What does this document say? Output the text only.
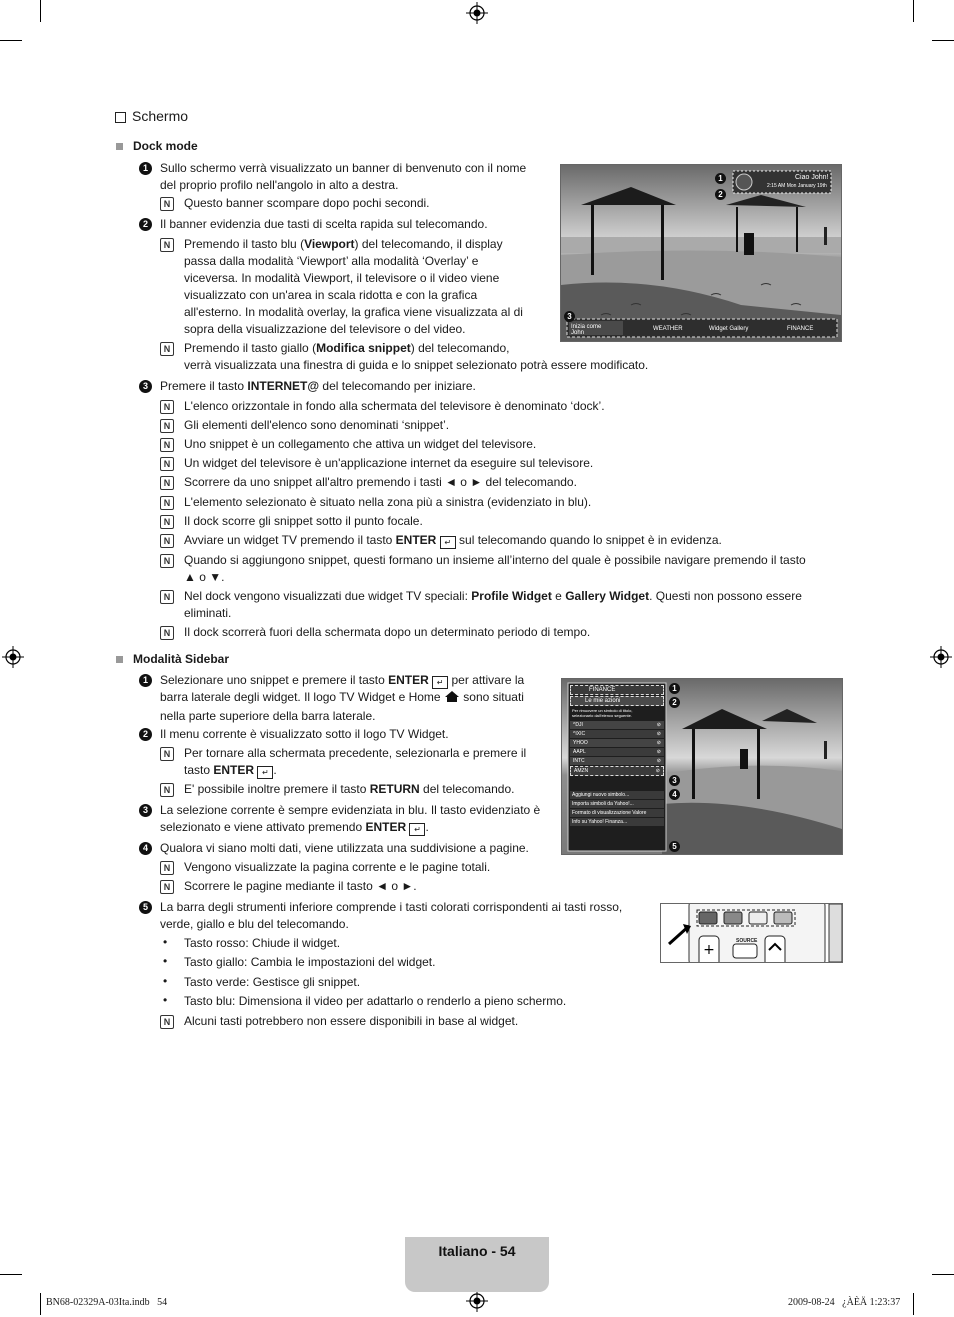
Schermo
Dock mode
1	Sullo schermo verrà visualizzato un banner di benvenuto con il nome
del proprio profilo nell'angolo in alto a destra.
N	Questo banner scompare dopo pochi secondi.
2	Il banner evidenzia due tasti di scelta rapida sul telecomando.
N	Premendo il tasto blu (Viewport) del telecomando, il display
passa dalla modalità ‘Viewport’ alla modalità ‘Overlay’ e
viceversa. In modalità Viewport, il televisore o il video viene
visualizzato con un'area in scala ridotta e con la grafica
all'esterno. In modalità overlay, la grafica viene visualizzata al di
sopra della visualizzazione del televisore o del video.
N	Premendo il tasto giallo (Modifica snippet) del telecomando,
verrà visualizzata una finestra di guida e lo snippet selezionato potrà essere modificato.
3	Premere il tasto INTERNET@ del telecomando per iniziare.
N	L'elenco orizzontale in fondo alla schermata del televisore è denominato ‘dock’.
N	Gli elementi dell'elenco sono denominati ‘snippet’.
N	Uno snippet è un collegamento che attiva un widget del televisore.
N	Un widget del televisore è un'applicazione internet da eseguire sul televisore.
N	Scorrere da uno snippet all'altro premendo i tasti ◄ o ► del telecomando.
N	L'elemento selezionato è situato nella zona più a sinistra (evidenziato in blu).
N	Il dock scorre gli snippet sotto il punto focale.
N	Avviare un widget TV premendo il tasto ENTER ↵ sul telecomando quando lo snippet è in evidenza.
N	Quando si aggiungono snippet, questi formano un insieme all’interno del quale è possibile navigare premendo il tasto
▲ o ▼.
N	Nel dock vengono visualizzati due widget TV speciali: Profile Widget e Gallery Widget. Questi non possono essere
eliminati.
N	Il dock scorrerà fuori della schermata dopo un determinato periodo di tempo.
Ciao John!
2:15 AM Mon January 19th
1
2
3
Inizia come
John
WEATHER	Widget Gallery	FINANCE
Modalità Sidebar
1	Selezionare uno snippet e premere il tasto ENTER ↵ per attivare la
barra laterale degli widget. Il logo TV Widget e Home  sono situati
nella parte superiore della barra laterale.
2	Il menu corrente è visualizzato sotto il logo TV Widget.
N	Per tornare alla schermata precedente, selezionarla e premere il
tasto ENTER ↵ .
N	E' possibile inoltre premere il tasto RETURN del telecomando.
3	La selezione corrente è sempre evidenziata in blu. Il tasto evidenziato è
selezionato e viene attivato premendo ENTER ↵ .
4	Qualora vi siano molti dati, viene utilizzata una suddivisione a pagine.
N	Vengono visualizzate la pagina corrente e le pagine totali.
N	Scorrere le pagine mediante il tasto ◄ o ►.
5	La barra degli strumenti inferiore comprende i tasti colorati corrispondenti ai tasti rosso,
verde, giallo e blu del telecomando.
• Tasto rosso: Chiude il widget.
• Tasto giallo: Cambia le impostazioni del widget.
• Tasto verde: Gestisce gli snippet.
• Tasto blu: Dimensiona il video per adattarlo o renderlo a pieno schermo.
N	Alcuni tasti potrebbero non essere disponibili in base al widget.
FINANCE
Le mie azioni
Per rimuovere un simbolo di titolo,
selezionarlo dall'elenco seguente.
^DJI	⊘
^IXIC	⊘
YHOO	⊘
AAPL	⊘
INTC	⊘
AMZN	⊘
Aggiungi nuovo simbolo...
Importa simboli da Yahoo!...
Formato di visualizzazione Valore
Info su Yahoo! Finanza...
1
2
3
4
5
+
SOURCE
Italiano - 54
BN68-02329A-03Ita.indb   54	2009-08-24   ¿ÀÈÄ 1:23:37
